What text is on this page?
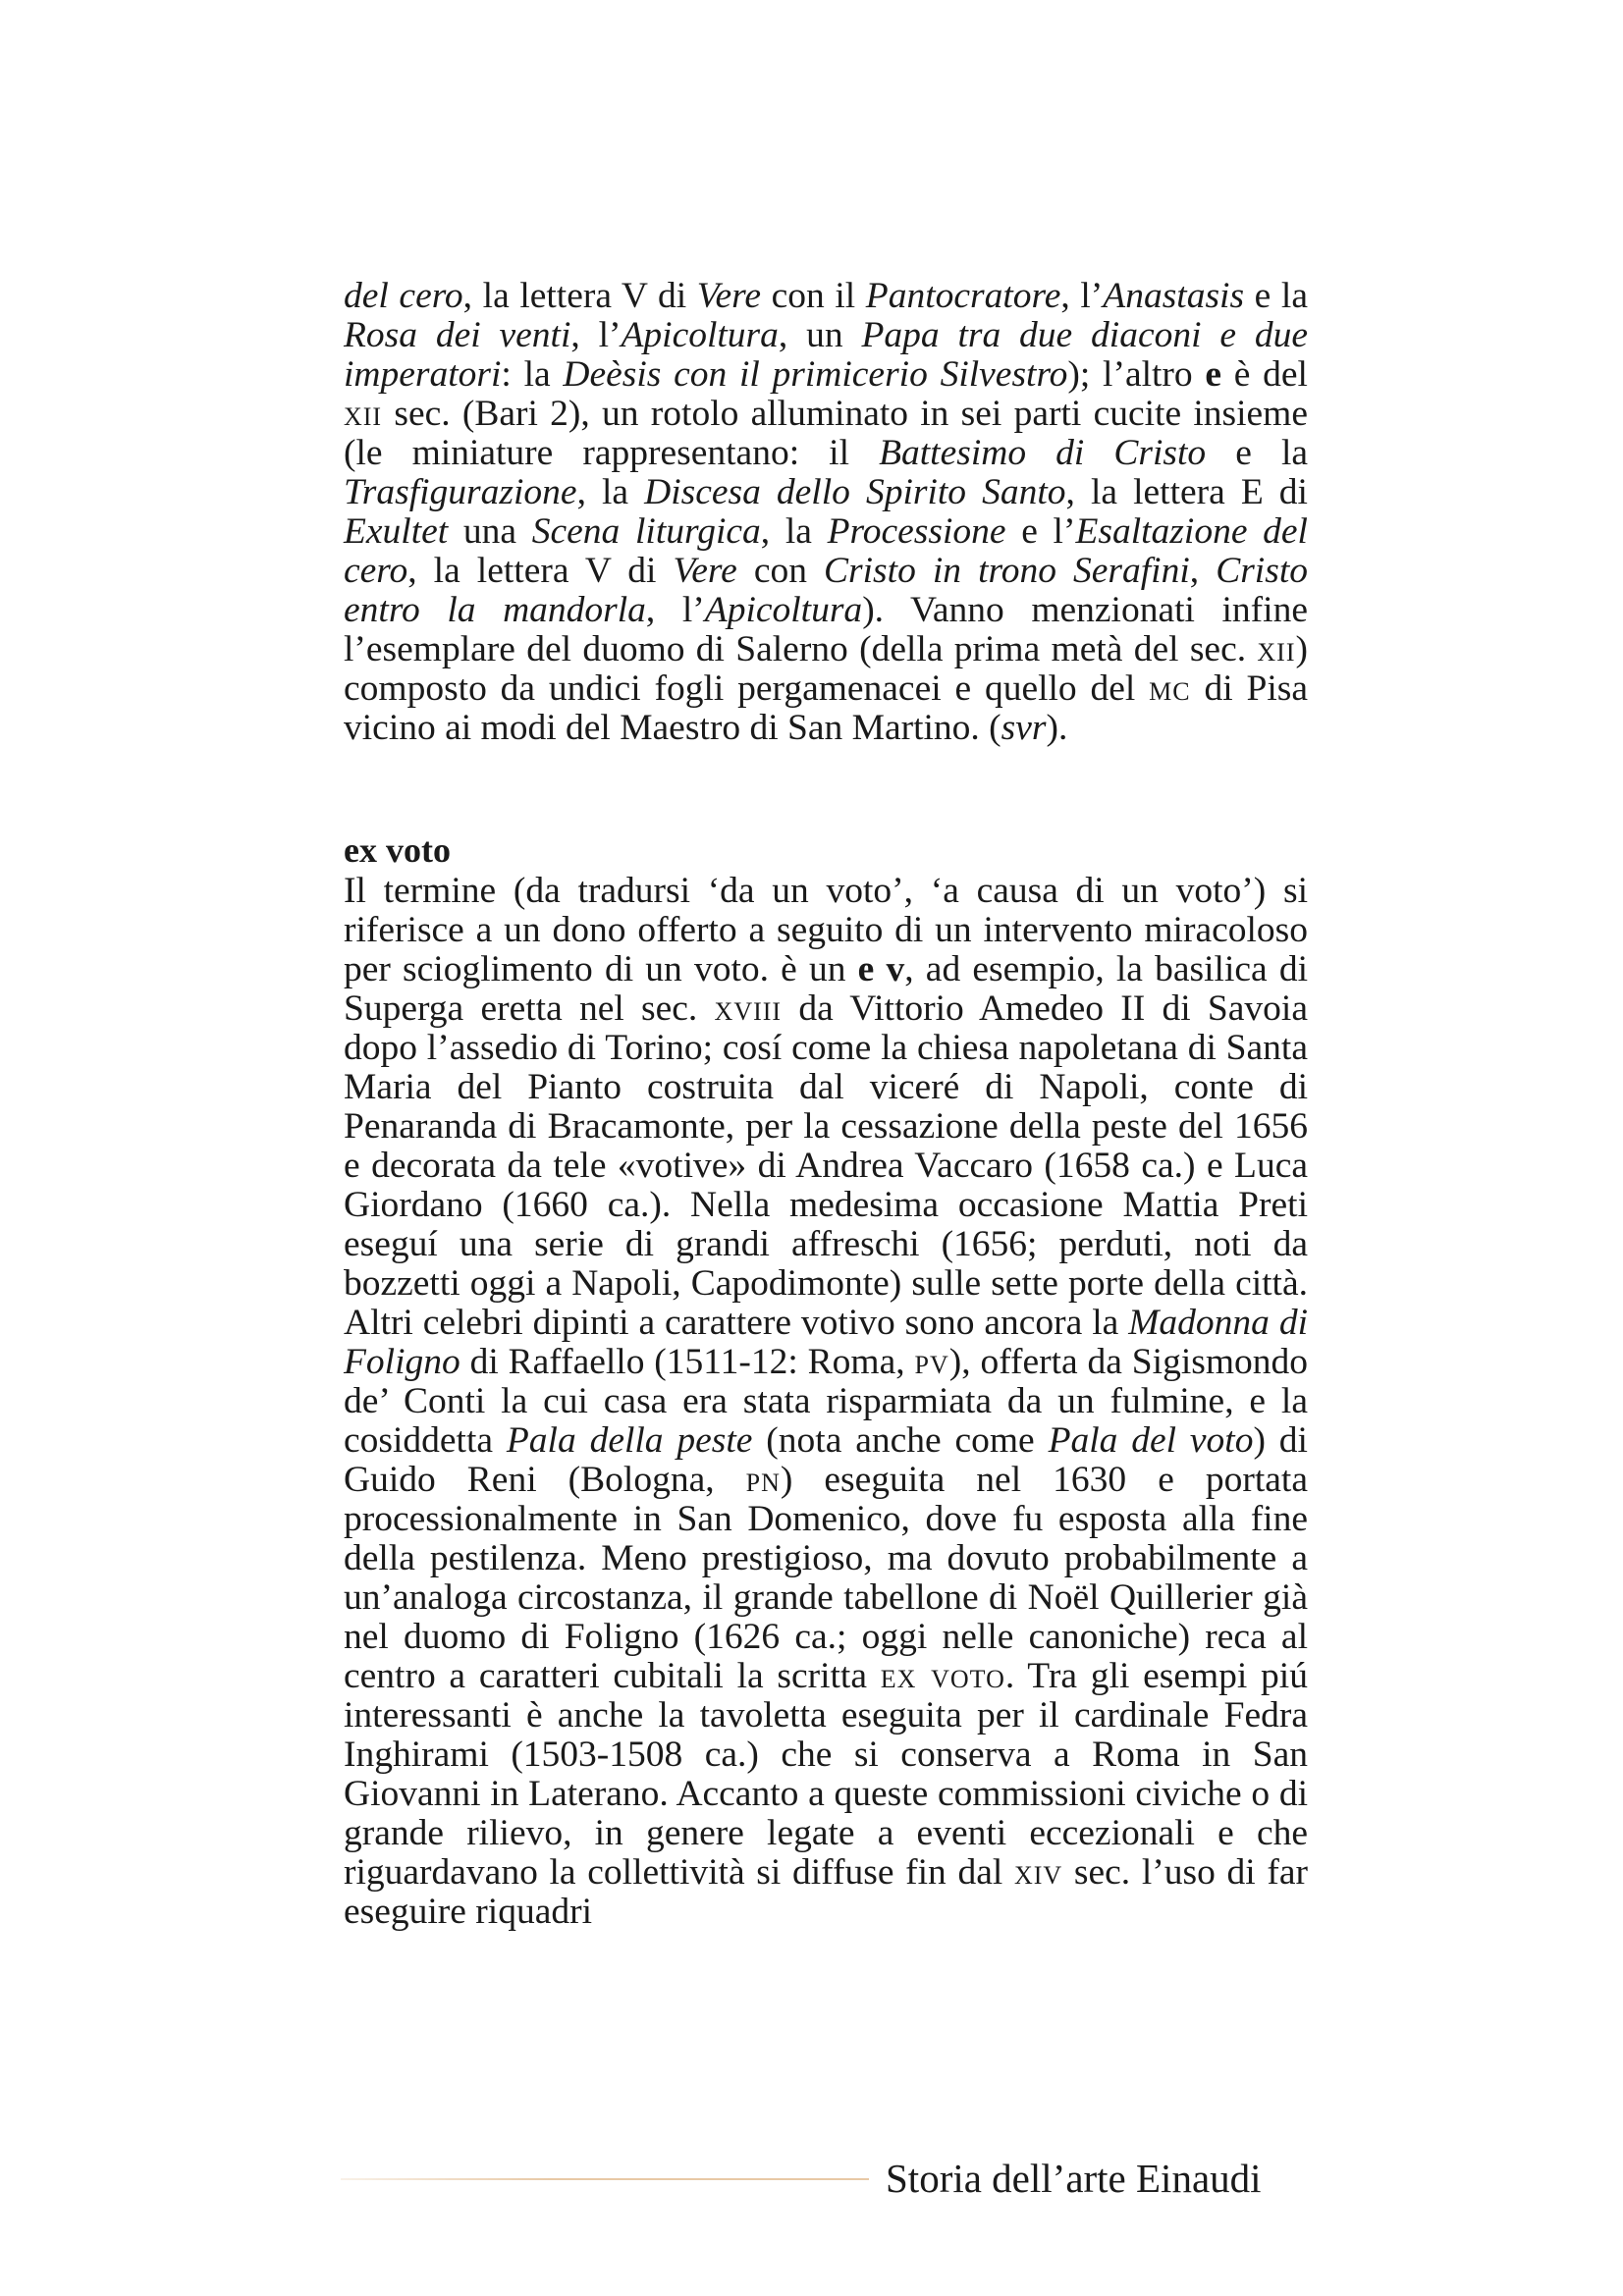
del cero, la lettera V di Vere con il Pantocratore, l’Anastasis e la Rosa dei venti, l’Apicoltura, un Papa tra due diaconi e due imperatori: la Deèsis con il primicerio Silvestro); l’altro e è del xii sec. (Bari 2), un rotolo alluminato in sei parti cucite insieme (le miniature rappresentano: il Battesimo di Cristo e la Trasfigurazione, la Discesa dello Spirito Santo, la lettera E di Exultet una Scena liturgica, la Processione e l’Esaltazione del cero, la lettera V di Vere con Cristo in trono Serafini, Cristo entro la mandorla, l’Apicoltura). Vanno menzionati infine l’esemplare del duomo di Salerno (della prima metà del sec. xii) composto da undici fogli pergamenacei e quello del mc di Pisa vicino ai modi del Maestro di San Martino. (svr).

ex voto

Il termine (da tradursi ‘da un voto’, ‘a causa di un voto’) si riferisce a un dono offerto a seguito di un intervento miracoloso per scioglimento di un voto. è un e v, ad esempio, la basilica di Superga eretta nel sec. xviii da Vittorio Amedeo II di Savoia dopo l’assedio di Torino; cosí come la chiesa napoletana di Santa Maria del Pianto costruita dal viceré di Napoli, conte di Penaranda di Bracamonte, per la cessazione della peste del 1656 e decorata da tele «votive» di Andrea Vaccaro (1658 ca.) e Luca Giordano (1660 ca.). Nella medesima occasione Mattia Preti eseguí una serie di grandi affreschi (1656; perduti, noti da bozzetti oggi a Napoli, Capodimonte) sulle sette porte della città. Altri celebri dipinti a carattere votivo sono ancora la Madonna di Foligno di Raffaello (1511-12: Roma, pv), offerta da Sigismondo de’ Conti la cui casa era stata risparmiata da un fulmine, e la cosiddetta Pala della peste (nota anche come Pala del voto) di Guido Reni (Bologna, pn) eseguita nel 1630 e portata processionalmente in San Domenico, dove fu esposta alla fine della pestilenza. Meno prestigioso, ma dovuto probabilmente a un’analoga circostanza, il grande tabellone di Noël Quillerier già nel duomo di Foligno (1626 ca.; oggi nelle canoniche) reca al centro a caratteri cubitali la scritta ex voto. Tra gli esempi piú interessanti è anche la tavoletta eseguita per il cardinale Fedra Inghirami (1503-1508 ca.) che si conserva a Roma in San Giovanni in Laterano. Accanto a queste commissioni civiche o di grande rilievo, in genere legate a eventi eccezionali e che riguardavano la collettività si diffuse fin dal xiv sec. l’uso di far eseguire riquadri

Storia dell’arte Einaudi
